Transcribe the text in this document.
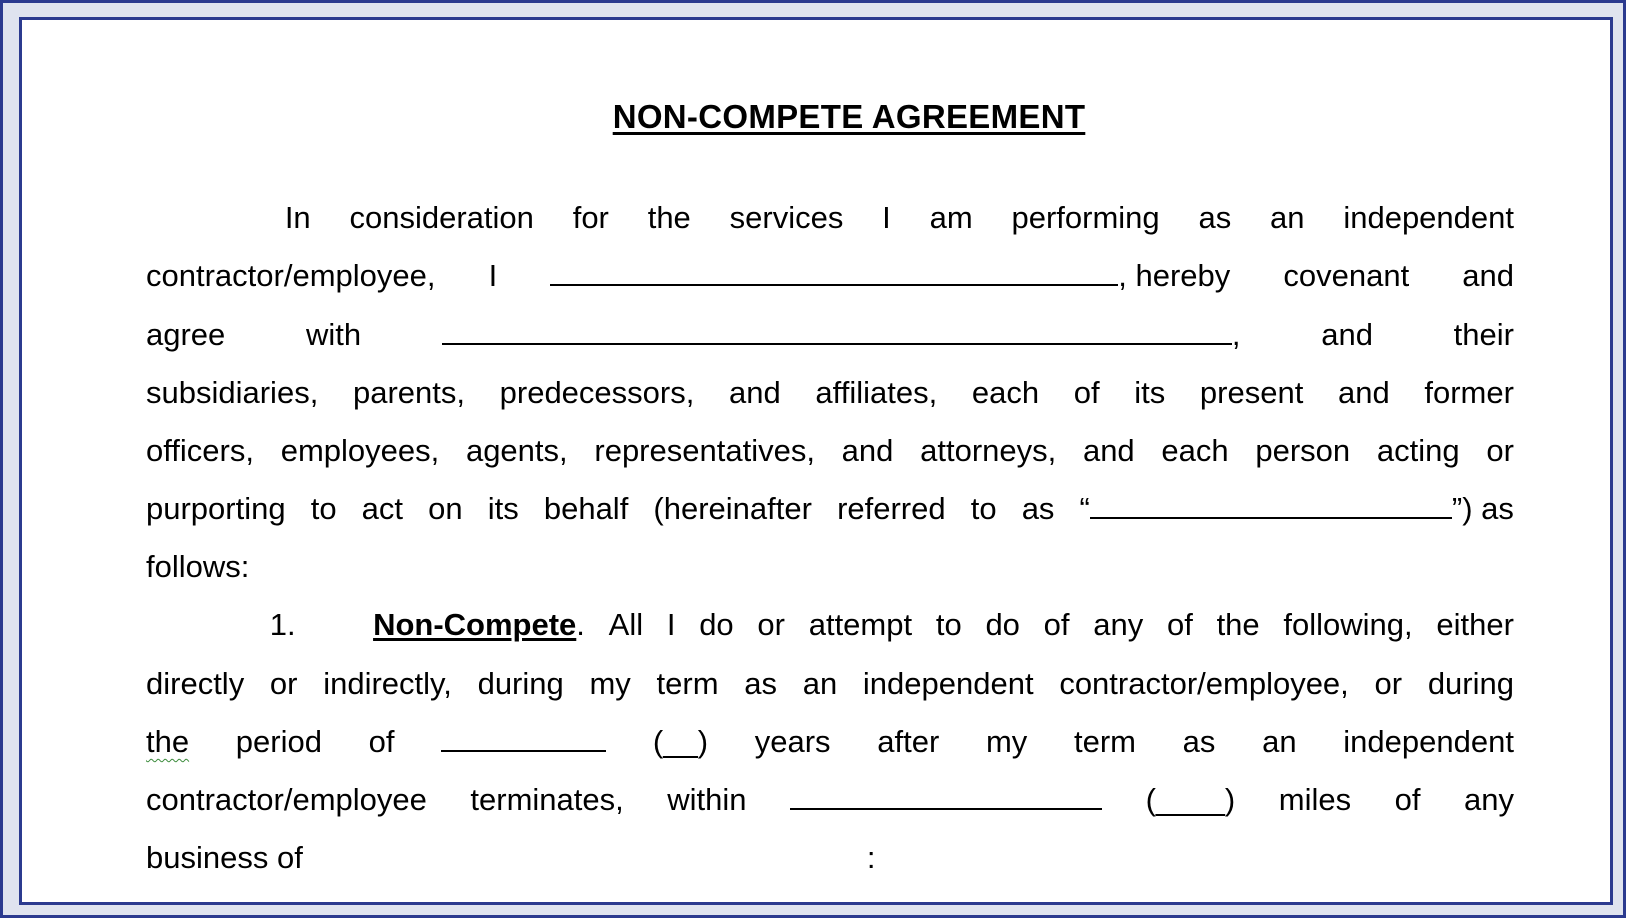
NON-COMPETE AGREEMENT
In consideration for the services I am performing as an independent
contractor/employee, I	, hereby covenant and
agree	with	,	and	their
subsidiaries, parents, predecessors, and affiliates, each of its present and former
officers, employees, agents, representatives, and attorneys, and each person acting or
purporting to act on its behalf (hereinafter referred to as “	”) as
follows:
1. Non-Compete. All I do or attempt to do of any of the following, either
directly or indirectly, during my term as an independent contractor/employee, or during
the period of	(__) years after my term as an independent
contractor/employee terminates, within	(____) miles of any
business of	:
